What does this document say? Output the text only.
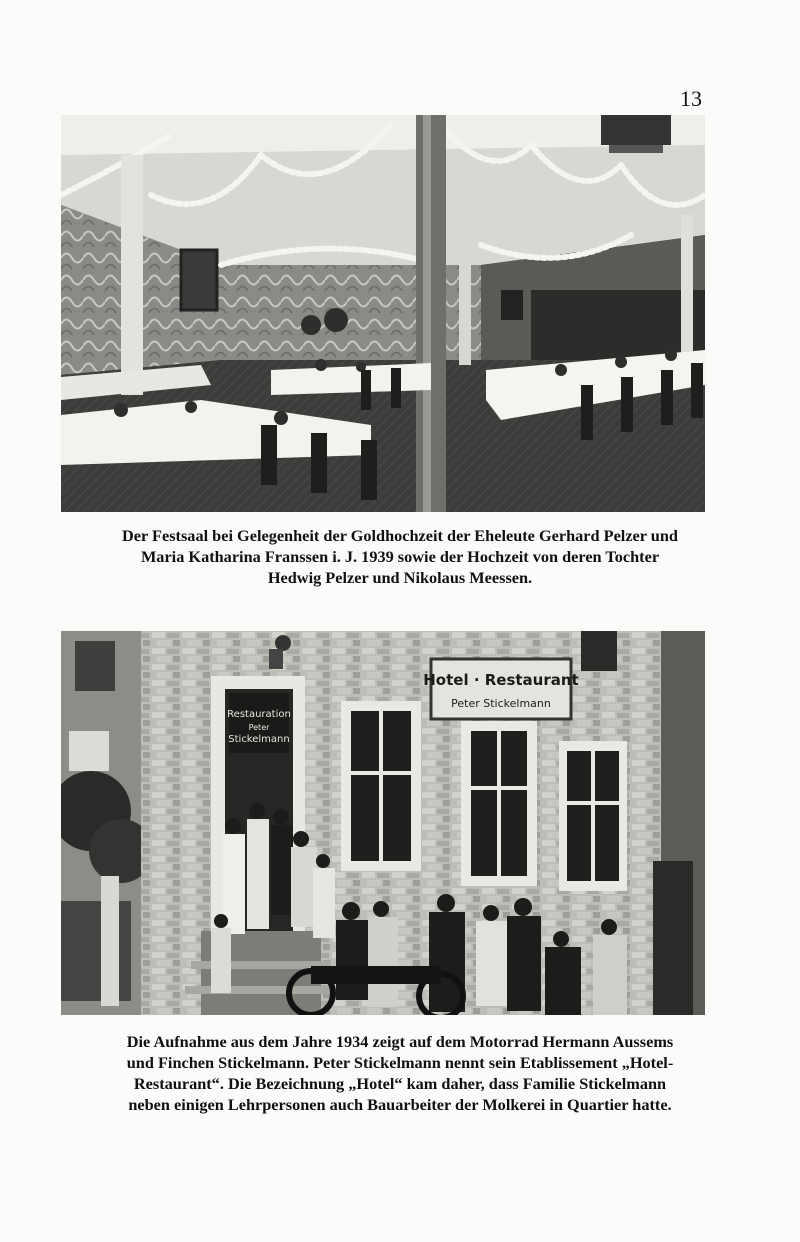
13
Der Festsaal bei Gelegenheit der Goldhochzeit der Eheleute Gerhard Pelzer und
Maria Katharina Franssen i. J. 1939 sowie der Hochzeit von deren Tochter
Hedwig Pelzer und Nikolaus Meessen.
Hotel · Restaurant
Peter Stickelmann
Restauration
Peter
Stickelmann
Die Aufnahme aus dem Jahre 1934 zeigt auf dem Motorrad Hermann Aussems
und Finchen Stickelmann. Peter Stickelmann nennt sein Etablissement „Hotel-
Restaurant“. Die Bezeichnung „Hotel“ kam daher, dass Familie Stickelmann
neben einigen Lehrpersonen auch Bauarbeiter der Molkerei in Quartier hatte.
